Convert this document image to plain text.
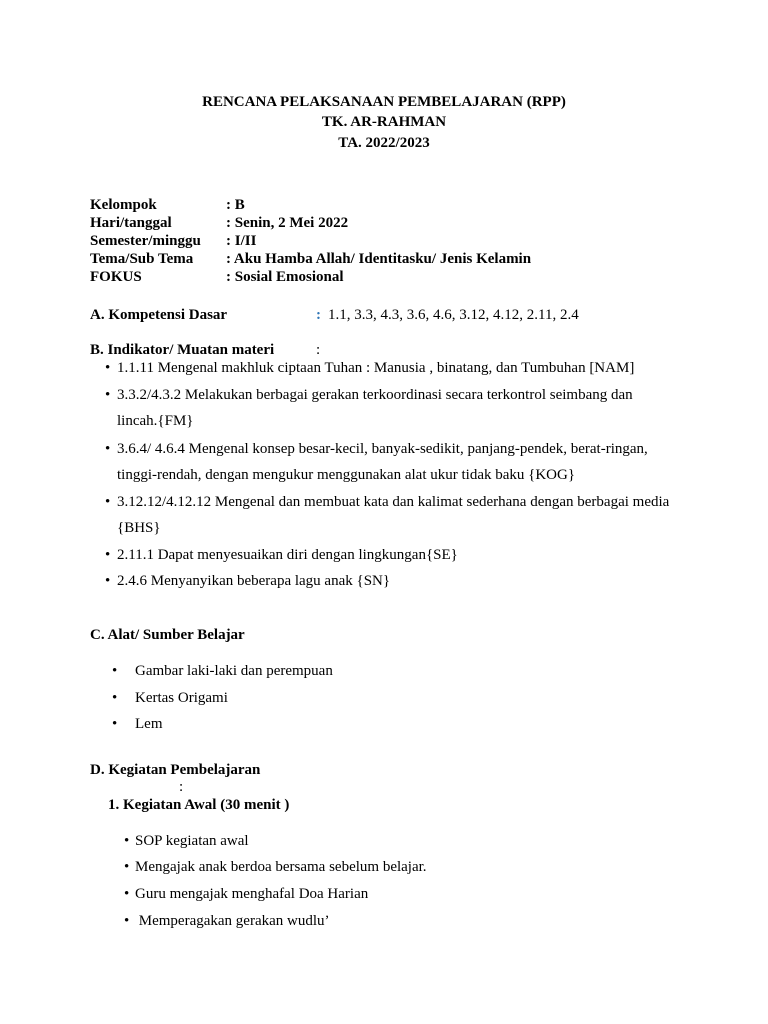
RENCANA PELAKSANAAN PEMBELAJARAN (RPP)
TK. AR-RAHMAN
TA. 2022/2023
Kelompok	: B
Hari/tanggal	: Senin, 2 Mei 2022
Semester/minggu : I/II
Tema/Sub Tema : Aku Hamba Allah/ Identitasku/ Jenis Kelamin
FOKUS	: Sosial Emosional
A. Kompetensi Dasar	: 1.1, 3.3, 4.3, 3.6, 4.6, 3.12, 4.12, 2.11, 2.4
B. Indikator/ Muatan materi	:
• 1.1.11 Mengenal makhluk ciptaan Tuhan : Manusia , binatang, dan Tumbuhan [NAM]
• 3.3.2/4.3.2 Melakukan berbagai gerakan terkoordinasi secara terkontrol seimbang dan
lincah.{FM}
• 3.6.4/ 4.6.4 Mengenal konsep besar-kecil, banyak-sedikit, panjang-pendek, berat-ringan,
tinggi-rendah, dengan mengukur menggunakan alat ukur tidak baku {KOG}
• 3.12.12/4.12.12 Mengenal dan membuat kata dan kalimat sederhana dengan berbagai media
{BHS}
• 2.11.1 Dapat menyesuaikan diri dengan lingkungan{SE}
• 2.4.6 Menyanyikan beberapa lagu anak {SN}
C. Alat/ Sumber Belajar
• Gambar laki-laki dan perempuan
• Kertas Origami
• Lem
D. Kegiatan Pembelajaran
:
1. Kegiatan Awal (30 menit )
• SOP kegiatan awal
• Mengajak anak berdoa bersama sebelum belajar.
• Guru mengajak menghafal Doa Harian
• Memperagakan gerakan wudlu’
